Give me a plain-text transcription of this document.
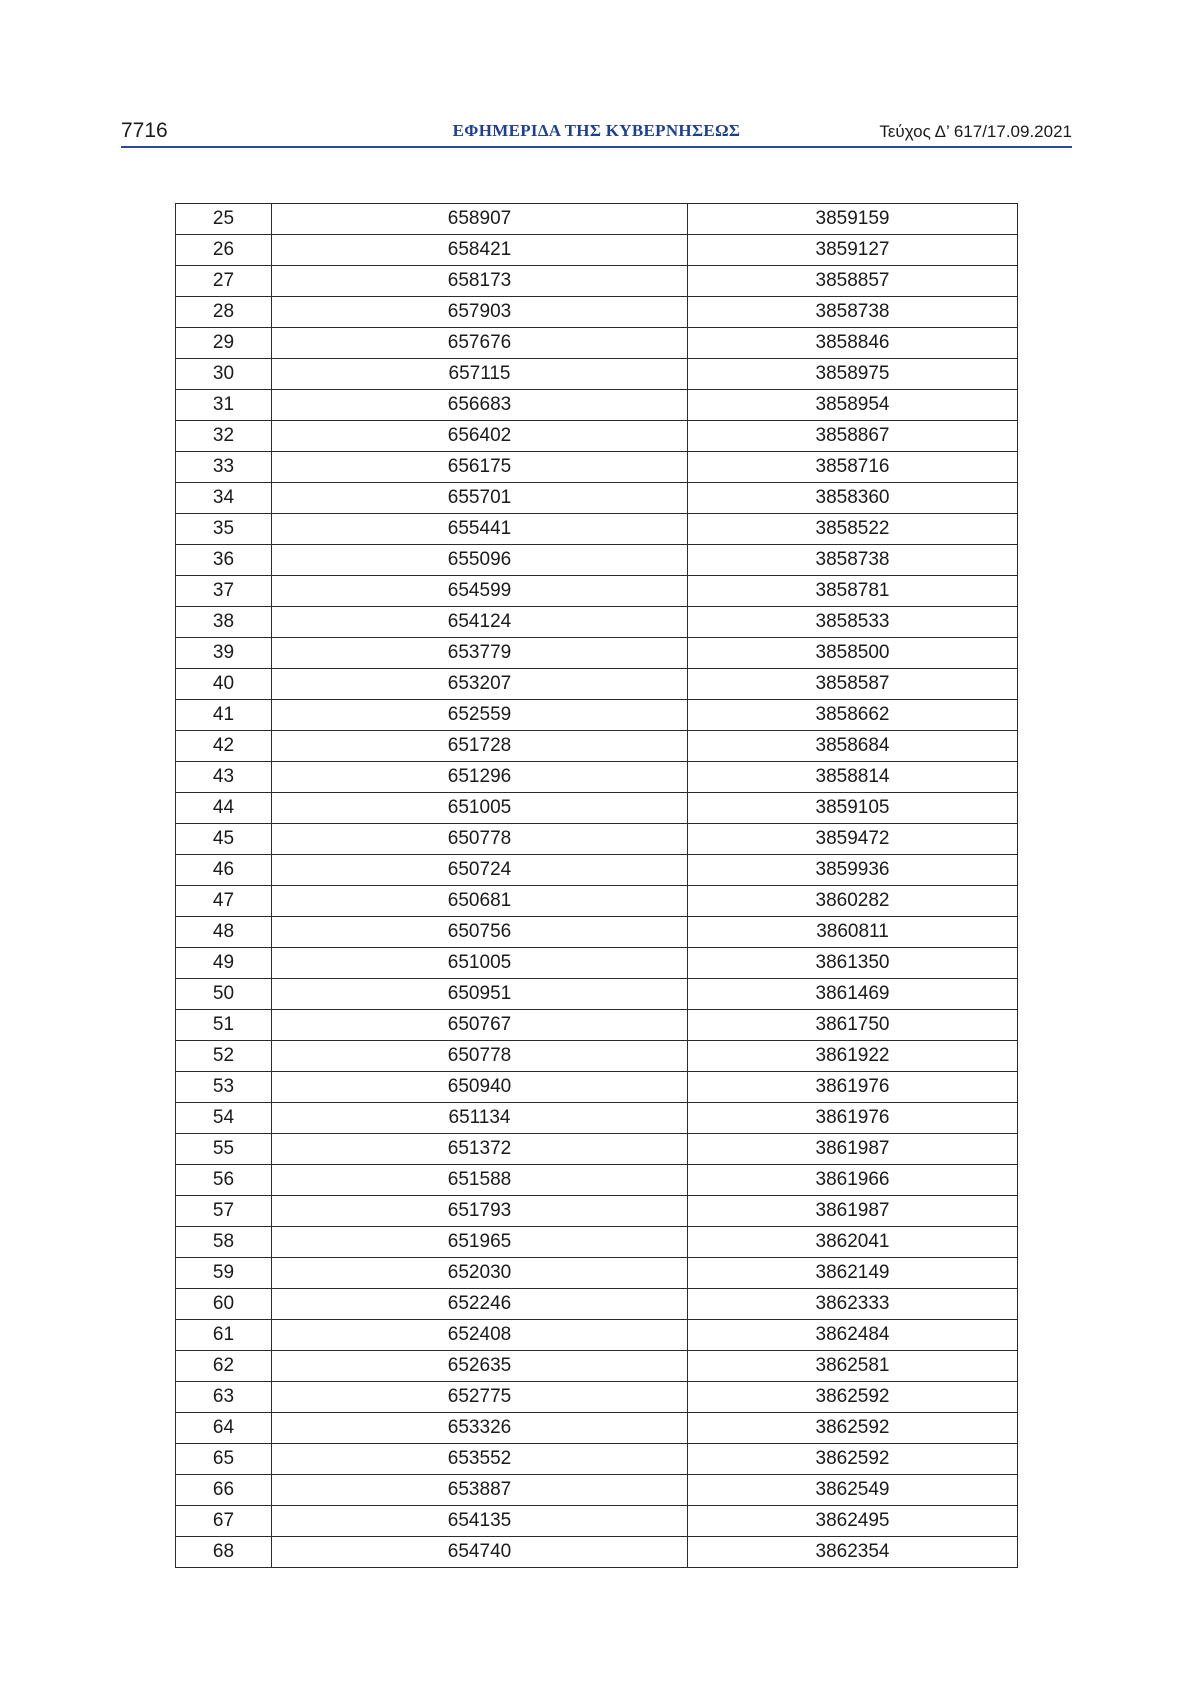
7716	ΕΦΗΜΕΡΙΔΑ ΤΗΣ ΚΥΒΕΡΝΗΣΕΩΣ	Τεύχος Δ’ 617/17.09.2021
25	658907	3859159
26	658421	3859127
27	658173	3858857
28	657903	3858738
29	657676	3858846
30	657115	3858975
31	656683	3858954
32	656402	3858867
33	656175	3858716
34	655701	3858360
35	655441	3858522
36	655096	3858738
37	654599	3858781
38	654124	3858533
39	653779	3858500
40	653207	3858587
41	652559	3858662
42	651728	3858684
43	651296	3858814
44	651005	3859105
45	650778	3859472
46	650724	3859936
47	650681	3860282
48	650756	3860811
49	651005	3861350
50	650951	3861469
51	650767	3861750
52	650778	3861922
53	650940	3861976
54	651134	3861976
55	651372	3861987
56	651588	3861966
57	651793	3861987
58	651965	3862041
59	652030	3862149
60	652246	3862333
61	652408	3862484
62	652635	3862581
63	652775	3862592
64	653326	3862592
65	653552	3862592
66	653887	3862549
67	654135	3862495
68	654740	3862354
